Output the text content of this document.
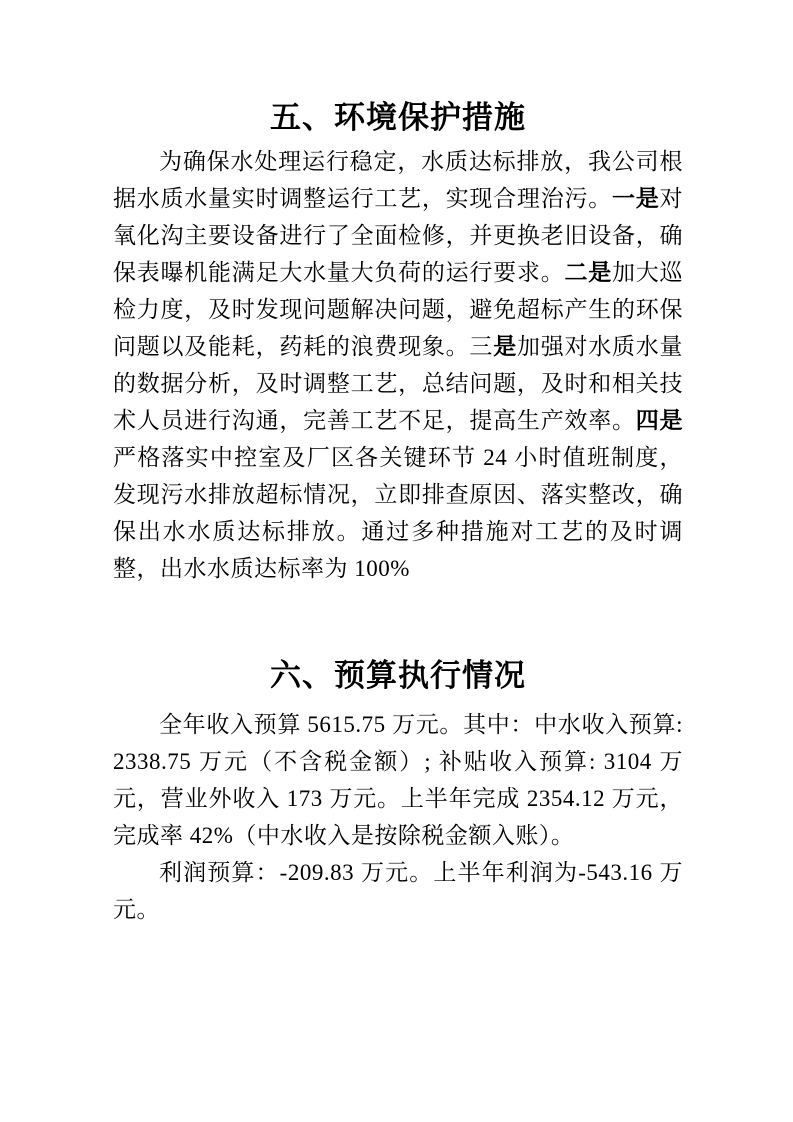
五、环境保护措施

为确保水处理运行稳定，水质达标排放，我公司根据水质水量实时调整运行工艺，实现合理治污。一是对氧化沟主要设备进行了全面检修，并更换老旧设备，确保表曝机能满足大水量大负荷的运行要求。二是加大巡检力度，及时发现问题解决问题，避免超标产生的环保问题以及能耗，药耗的浪费现象。三是加强对水质水量的数据分析，及时调整工艺，总结问题，及时和相关技术人员进行沟通，完善工艺不足，提高生产效率。四是严格落实中控室及厂区各关键环节 24 小时值班制度，发现污水排放超标情况，立即排查原因、落实整改，确保出水水质达标排放。通过多种措施对工艺的及时调整，出水水质达标率为 100%

六、预算执行情况

全年收入预算 5615.75 万元。其中：中水收入预算: 2338.75 万元（不含税金额）; 补贴收入预算: 3104 万元，营业外收入 173 万元。上半年完成 2354.12 万元，完成率 42%（中水收入是按除税金额入账）。

利润预算：-209.83 万元。上半年利润为-543.16 万元。
